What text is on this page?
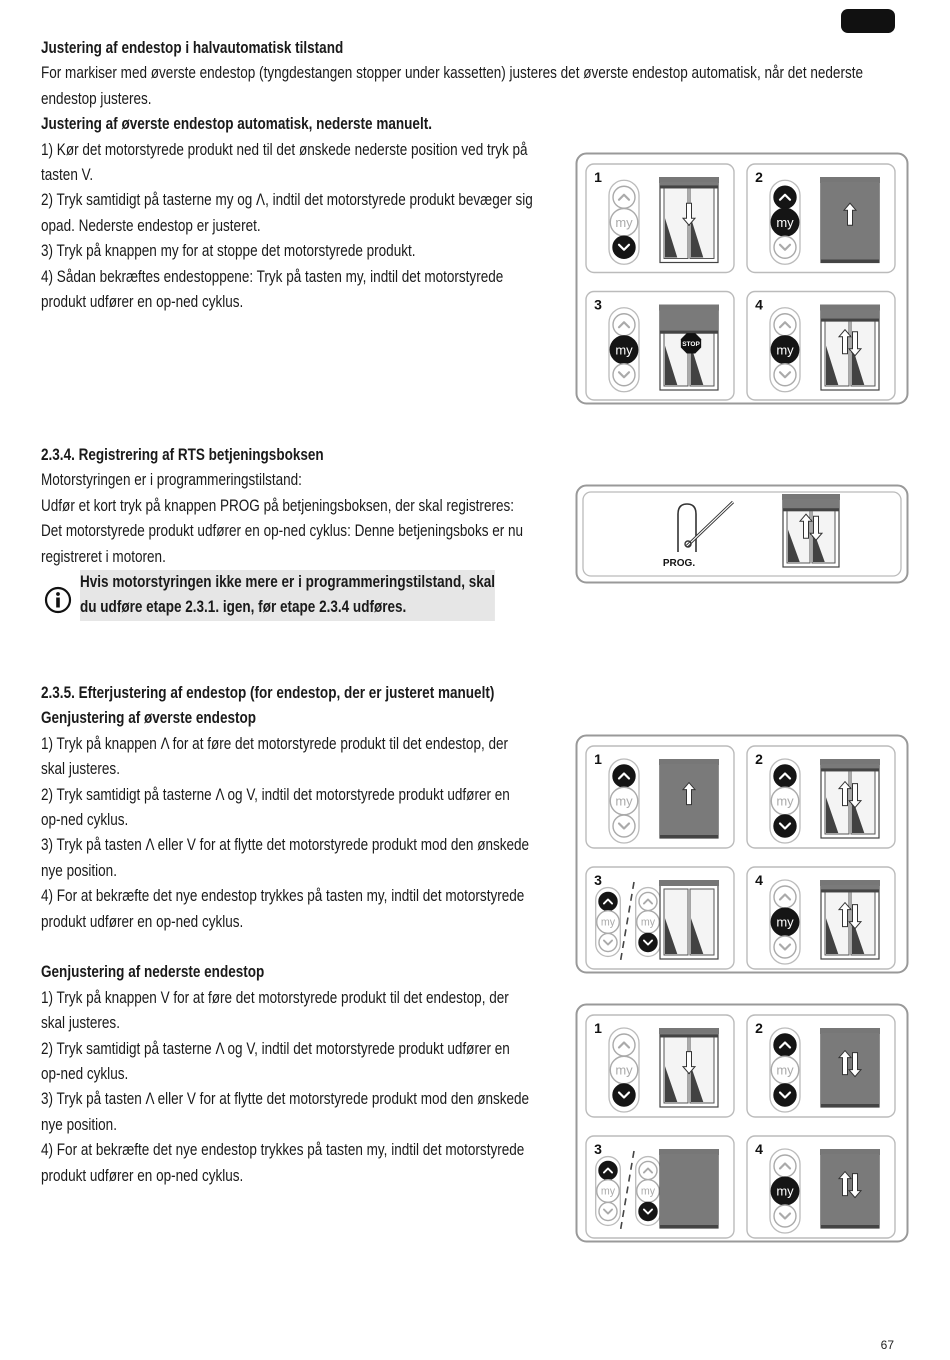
Justering af endestop i halvautomatisk tilstand
For markiser med øverste endestop (tyngdestangen stopper under kassetten) justeres det øverste endestop automatisk, når det nederste
endestop justeres.
Justering af øverste endestop automatisk, nederste manuelt.
1) Kør det motorstyrede produkt ned til det ønskede nederste position ved tryk på
tasten V.
2) Tryk samtidigt på tasterne my og Λ, indtil det motorstyrede produkt bevæger sig
opad. Nederste endestop er justeret.
3) Tryk på knappen my for at stoppe det motorstyrede produkt.
4) Sådan bekræftes endestoppene: Tryk på tasten my, indtil det motorstyrede
produkt udfører en op-ned cyklus.
2.3.4. Registrering af RTS betjeningsboksen
Motorstyringen er i programmeringstilstand:
Udfør et kort tryk på knappen PROG på betjeningsboksen, der skal registreres:
Det motorstyrede produkt udfører en op-ned cyklus: Denne betjeningsboks er nu
registreret i motoren.
Hvis motorstyringen ikke mere er i programmeringstilstand, skal
du udføre etape 2.3.1. igen, før etape 2.3.4 udføres.
2.3.5. Efterjustering af endestop (for endestop, der er justeret manuelt)
Genjustering af øverste endestop
1) Tryk på knappen Λ for at føre det motorstyrede produkt til det endestop, der
skal justeres.
2) Tryk samtidigt på tasterne Λ og V, indtil det motorstyrede produkt udfører en
op-ned cyklus.
3) Tryk på tasten Λ eller V for at flytte det motorstyrede produkt mod den ønskede
nye position.
4) For at bekræfte det nye endestop trykkes på tasten my, indtil det motorstyrede
produkt udfører en op-ned cyklus.
Genjustering af nederste endestop
1) Tryk på knappen V for at føre det motorstyrede produkt til det endestop, der
skal justeres.
2) Tryk samtidigt på tasterne Λ og V, indtil det motorstyrede produkt udfører en
op-ned cyklus.
3) Tryk på tasten Λ eller V for at flytte det motorstyrede produkt mod den ønskede
nye position.
4) For at bekræfte det nye endestop trykkes på tasten my, indtil det motorstyrede
produkt udfører en op-ned cyklus.
67
1
my
2
my
3
my	STOP
4
my
PROG.
1
my
2
my
3
my my
4
my
1
my
2
my
3
my my
4
my
